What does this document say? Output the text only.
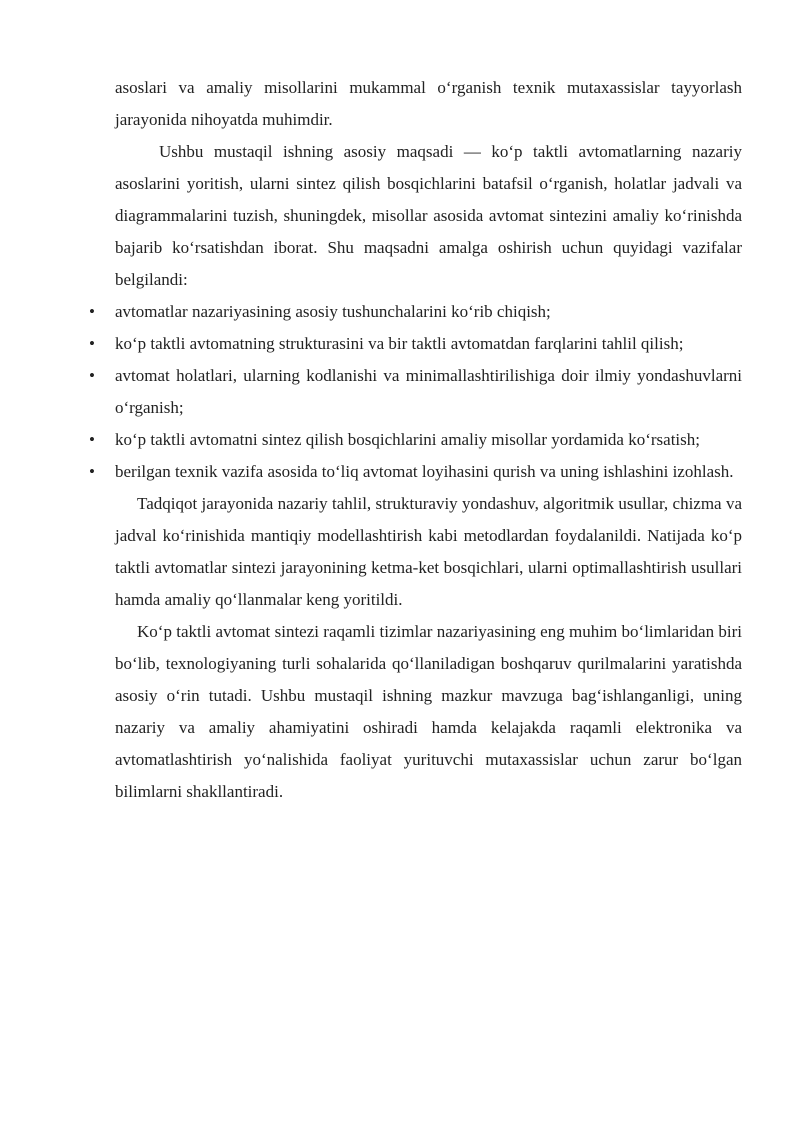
asoslari va amaliy misollarini mukammal o‘rganish texnik mutaxassislar tayyorlash jarayonida nihoyatda muhimdir.

Ushbu mustaqil ishning asosiy maqsadi — ko‘p taktli avtomatlarning nazariy asoslarini yoritish, ularni sintez qilish bosqichlarini batafsil o‘rganish, holatlar jadvali va diagrammalarini tuzish, shuningdek, misollar asosida avtomat sintezini amaliy ko‘rinishda bajarib ko‘rsatishdan iborat. Shu maqsadni amalga oshirish uchun quyidagi vazifalar belgilandi:

• avtomatlar nazariyasining asosiy tushunchalarini ko‘rib chiqish;
• ko‘p taktli avtomatning strukturasini va bir taktli avtomatdan farqlarini tahlil qilish;
• avtomat holatlari, ularning kodlanishi va minimallashtirilishiga doir ilmiy yondashuvlarni o‘rganish;
• ko‘p taktli avtomatni sintez qilish bosqichlarini amaliy misollar yordamida ko‘rsatish;
• berilgan texnik vazifa asosida to‘liq avtomat loyihasini qurish va uning ishlashini izohlash.

Tadqiqot jarayonida nazariy tahlil, strukturaviy yondashuv, algoritmik usullar, chizma va jadval ko‘rinishida mantiqiy modellashtirish kabi metodlardan foydalanildi. Natijada ko‘p taktli avtomatlar sintezi jarayonining ketma-ket bosqichlari, ularni optimallashtirish usullari hamda amaliy qo‘llanmalar keng yoritildi.

Ko‘p taktli avtomat sintezi raqamli tizimlar nazariyasining eng muhim bo‘limlaridan biri bo‘lib, texnologiyaning turli sohalarida qo‘llaniladigan boshqaruv qurilmalarini yaratishda asosiy o‘rin tutadi. Ushbu mustaqil ishning mazkur mavzuga bag‘ishlanganligi, uning nazariy va amaliy ahamiyatini oshiradi hamda kelajakda raqamli elektronika va avtomatlashtirish yo‘nalishida faoliyat yurituvchi mutaxassislar uchun zarur bo‘lgan bilimlarni shakllantiradi.
